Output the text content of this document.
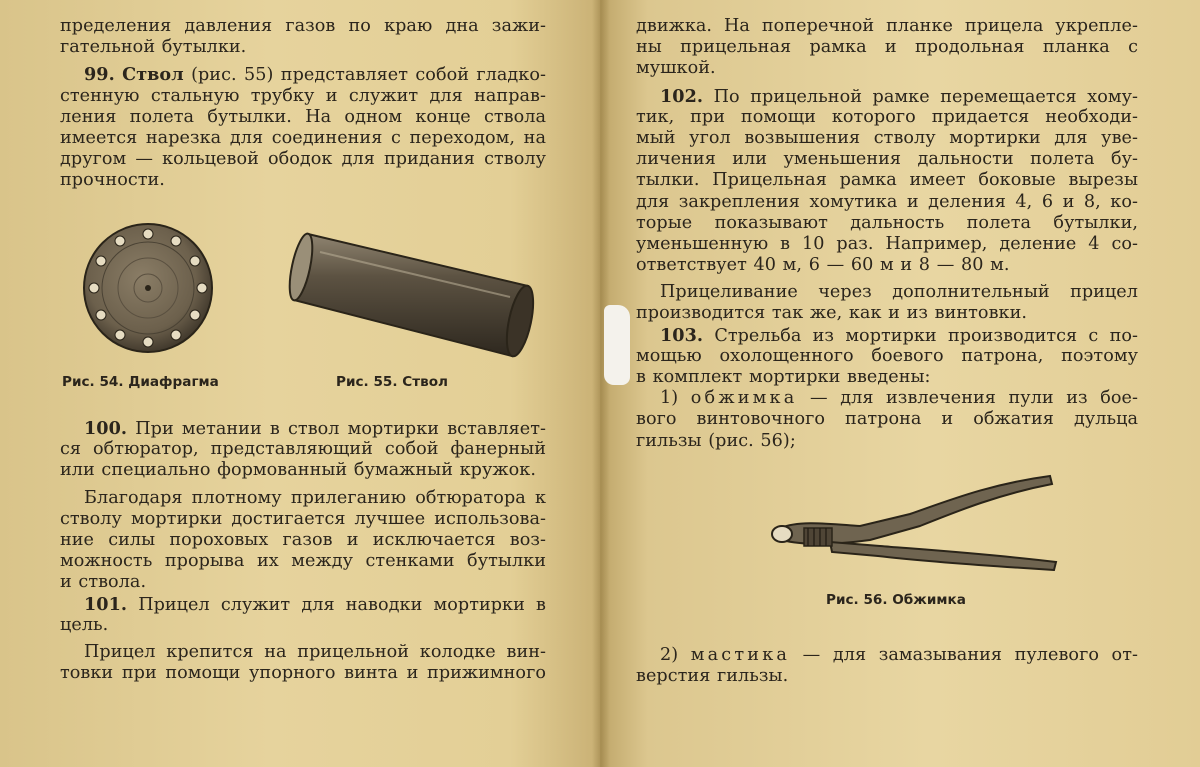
пределения давления газов по краю дна зажи-
гательной бутылки.
99. Ствол (рис. 55) представляет собой гладко-
стенную стальную трубку и служит для направ-
ления полета бутылки. На одном конце ствола
имеется нарезка для соединения с переходом, на
другом — кольцевой ободок для придания стволу
прочности.
Рис. 54. Диафрагма	Рис. 55. Ствол
100. При метании в ствол мортирки вставляет-
ся обтюратор, представляющий собой фанерный
или специально формованный бумажный кружок.
Благодаря плотному прилеганию обтюратора к
стволу мортирки достигается лучшее использова-
ние силы пороховых газов и исключается воз-
можность прорыва их между стенками бутылки
и ствола.
101. Прицел служит для наводки мортирки в
цель.
Прицел крепится на прицельной колодке вин-
товки при помощи упорного винта и прижимного
движка. На поперечной планке прицела укрепле-
ны прицельная рамка и продольная планка с
мушкой.
102. По прицельной рамке перемещается хому-
тик, при помощи которого придается необходи-
мый угол возвышения стволу мортирки для уве-
личения или уменьшения дальности полета бу-
тылки. Прицельная рамка имеет боковые вырезы
для закрепления хомутика и деления 4, 6 и 8, ко-
торые показывают дальность полета бутылки,
уменьшенную в 10 раз. Например, деление 4 со-
ответствует 40 м, 6 — 60 м и 8 — 80 м.
Прицеливание через дополнительный прицел
производится так же, как и из винтовки.
103. Стрельба из мортирки производится с по-
мощью охолощенного боевого патрона, поэтому
в комплект мортирки введены:
1) обжимка — для извлечения пули из боe-
вого винтовочного патрона и обжатия дульца
гильзы (рис. 56);
Рис. 56. Обжимка
2) мастика — для замазывания пулевого от-
верстия гильзы.
